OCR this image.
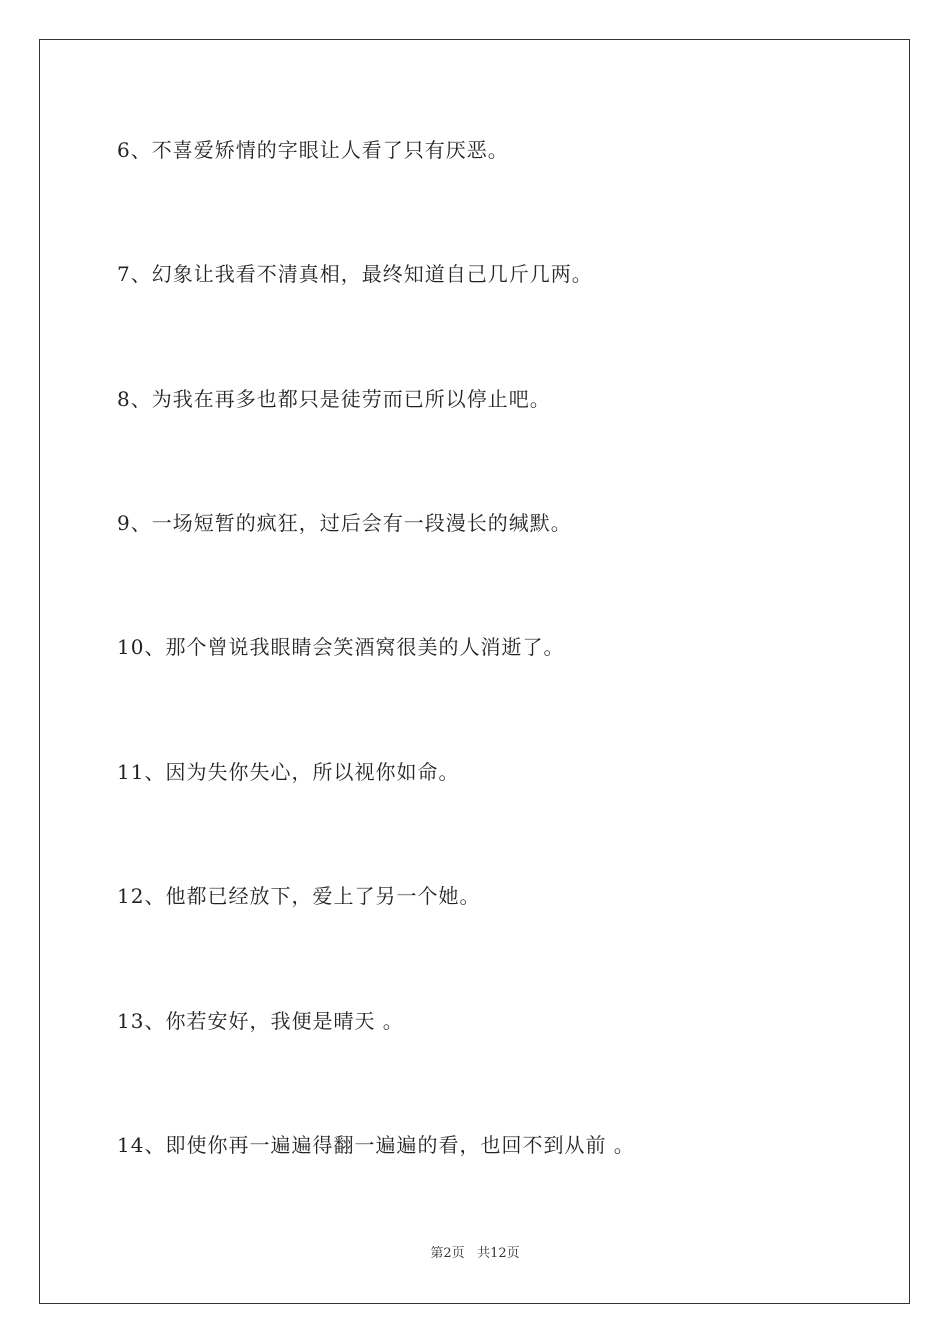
6、不喜爱矫情的字眼让人看了只有厌恶。
7、幻象让我看不清真相，最终知道自己几斤几两。
8、为我在再多也都只是徒劳而已所以停止吧。
9、一场短暂的疯狂，过后会有一段漫长的缄默。
10、那个曾说我眼睛会笑酒窝很美的人消逝了。
11、因为失你失心，所以视你如命。
12、他都已经放下，爱上了另一个她。
13、你若安好，我便是晴天 。
14、即使你再一遍遍得翻一遍遍的看，也回不到从前 。
第2页 共12页
